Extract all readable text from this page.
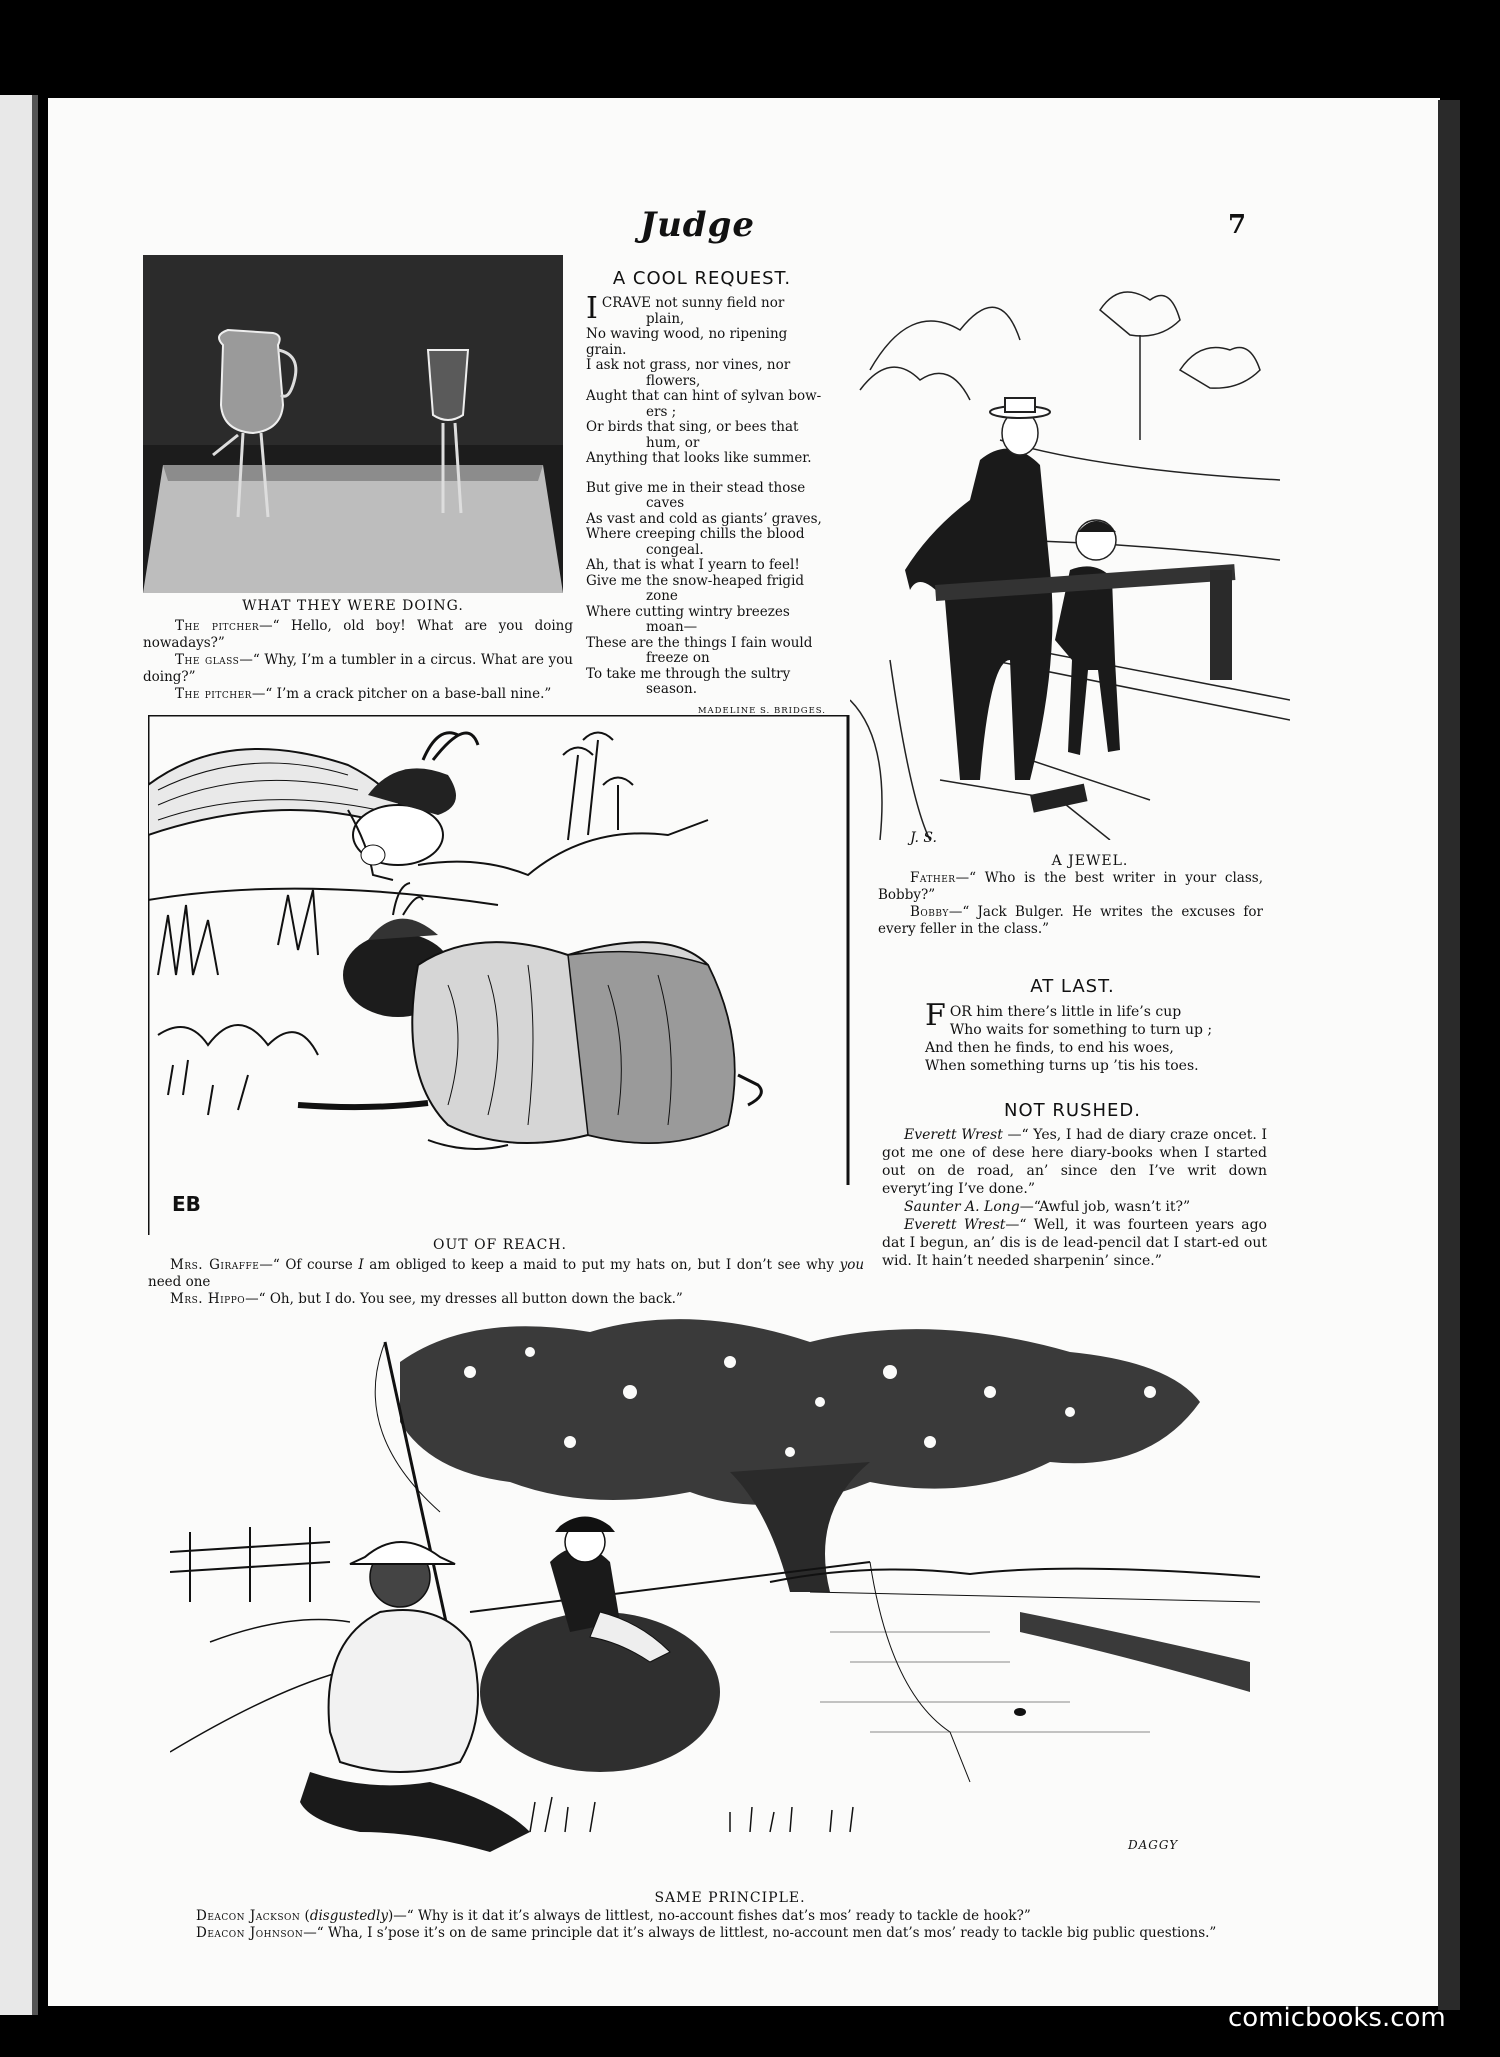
Judge	7
WHAT THEY WERE DOING.
The pitcher—“ Hello, old boy! What are you doing nowadays?”
The glass—“ Why, I’m a tumbler in a circus. What are you doing?”
The pitcher—“ I’m a crack pitcher on a base-ball nine.”
A COOL REQUEST.
I CRAVE not sunny field nor
plain,
No waving wood, no ripening grain.
I ask not grass, nor vines, nor
flowers,
Aught that can hint of sylvan bow-
ers ;
Or birds that sing, or bees that
hum, or
Anything that looks like summer.
But give me in their stead those
caves
As vast and cold as giants’ graves,
Where creeping chills the blood
congeal.
Ah, that is what I yearn to feel!
Give me the snow-heaped frigid
zone
Where cutting wintry breezes
moan—
These are the things I fain would
freeze on
To take me through the sultry
season.
MADELINE S. BRIDGES.
J. S.
A JEWEL.
Father—“ Who is the best writer in your class, Bobby?”
Bobby—“ Jack Bulger. He writes the excuses for every feller in the class.”
AT LAST.
F OR him there’s little in life’s cup
Who waits for something to turn up ;
And then he finds, to end his woes,
When something turns up ’tis his toes.
NOT RUSHED.

Everett Wrest —“ Yes, I had de diary craze oncet. I got me one of dese here diary-books when I started out on de road, an’ since den I’ve writ down everyt’ing I’ve done.”

Saunter A. Long—“Awful job, wasn’t it?”

Everett Wrest—“ Well, it was fourteen years ago dat I begun, an’ dis is de lead-pencil dat I start-ed out wid. It hain’t needed sharpenin’ since.”

EB
OUT OF REACH.
Mrs. Giraffe—“ Of course I am obliged to keep a maid to put my hats on, but I don’t see why you need one
Mrs. Hippo—“ Oh, but I do. You see, my dresses all button down the back.”
DAGGY
SAME PRINCIPLE.
Deacon Jackson (disgustedly)—“ Why is it dat it’s always de littlest, no-account fishes dat’s mos’ ready to tackle de hook?”
Deacon Johnson—“ Wha, I s’pose it’s on de same principle dat it’s always de littlest, no-account men dat’s mos’ ready to tackle big public questions.”
comicbooks.com
